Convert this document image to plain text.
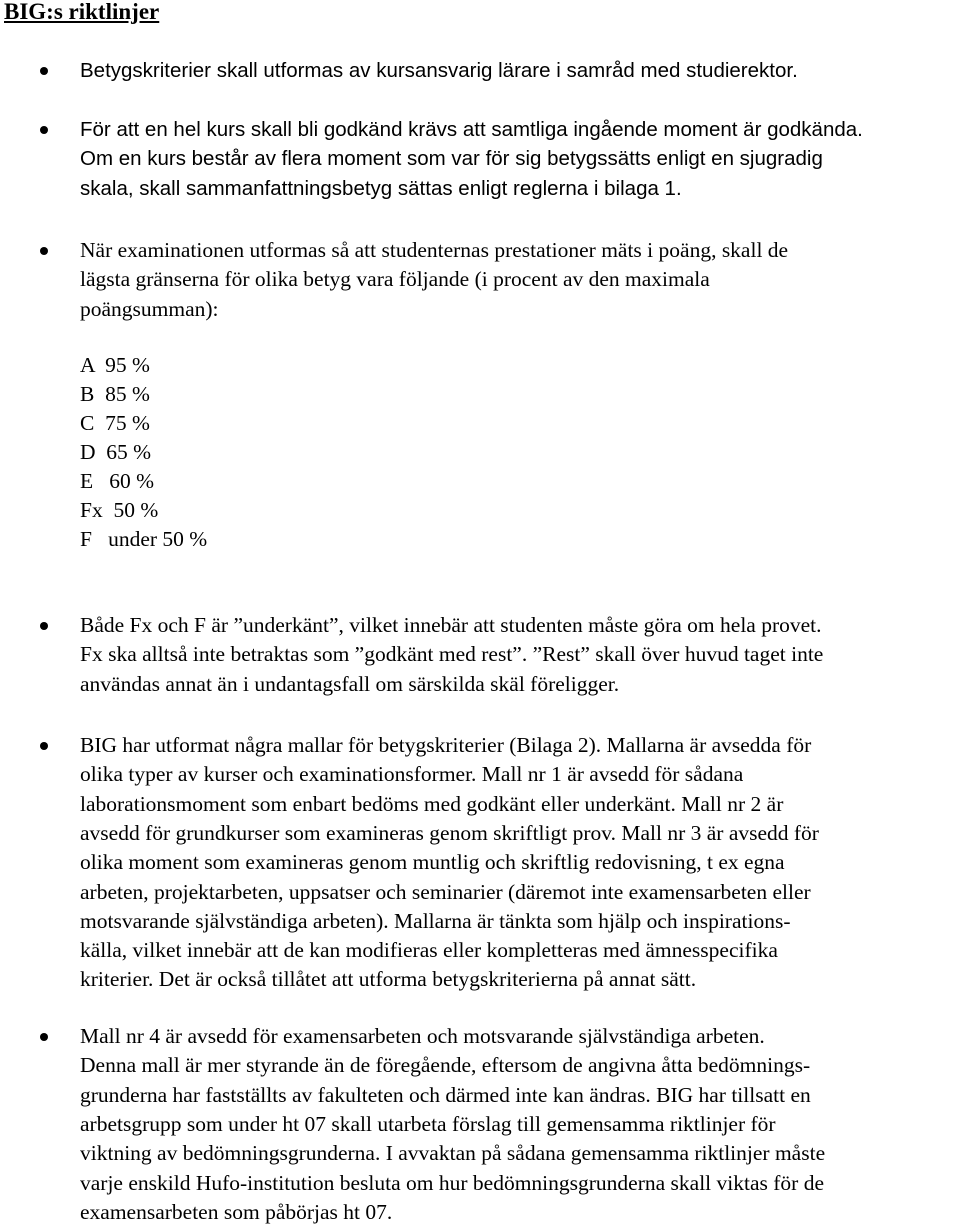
BIG:s riktlinjer
Betygskriterier skall utformas av kursansvarig lärare i samråd med studierektor.
För att en hel kurs skall bli godkänd krävs att samtliga ingående moment är godkända.
Om en kurs består av flera moment som var för sig betygssätts enligt en sjugradig
skala, skall sammanfattningsbetyg sättas enligt reglerna i bilaga 1.
När examinationen utformas så att studenternas prestationer mäts i poäng, skall de
lägsta gränserna för olika betyg vara följande (i procent av den maximala
poängsumman):
Både Fx och F är ”underkänt”, vilket innebär att studenten måste göra om hela provet.
Fx ska alltså inte betraktas som ”godkänt med rest”. ”Rest” skall över huvud taget inte
användas annat än i undantagsfall om särskilda skäl föreligger.
BIG har utformat några mallar för betygskriterier (Bilaga 2). Mallarna är avsedda för
olika typer av kurser och examinationsformer. Mall nr 1 är avsedd för sådana
laborationsmoment som enbart bedöms med godkänt eller underkänt. Mall nr 2 är
avsedd för grundkurser som examineras genom skriftligt prov. Mall nr 3 är avsedd för
olika moment som examineras genom muntlig och skriftlig redovisning, t ex egna
arbeten, projektarbeten, uppsatser och seminarier (däremot inte examensarbeten eller
motsvarande självständiga arbeten). Mallarna är tänkta som hjälp och inspirations-
källa, vilket innebär att de kan modifieras eller kompletteras med ämnesspecifika
kriterier. Det är också tillåtet att utforma betygskriterierna på annat sätt.
Mall nr 4 är avsedd för examensarbeten och motsvarande självständiga arbeten.
Denna mall är mer styrande än de föregående, eftersom de angivna åtta bedömnings-
grunderna har fastställts av fakulteten och därmed inte kan ändras. BIG har tillsatt en
arbetsgrupp som under ht 07 skall utarbeta förslag till gemensamma riktlinjer för
viktning av bedömningsgrunderna. I avvaktan på sådana gemensamma riktlinjer måste
varje enskild Hufo-institution besluta om hur bedömningsgrunderna skall viktas för de
examensarbeten som påbörjas ht 07.
A 95 %
B 85 %
C 75 %
D 65 %
E   60 %
Fx 50 %
F   under 50 %
